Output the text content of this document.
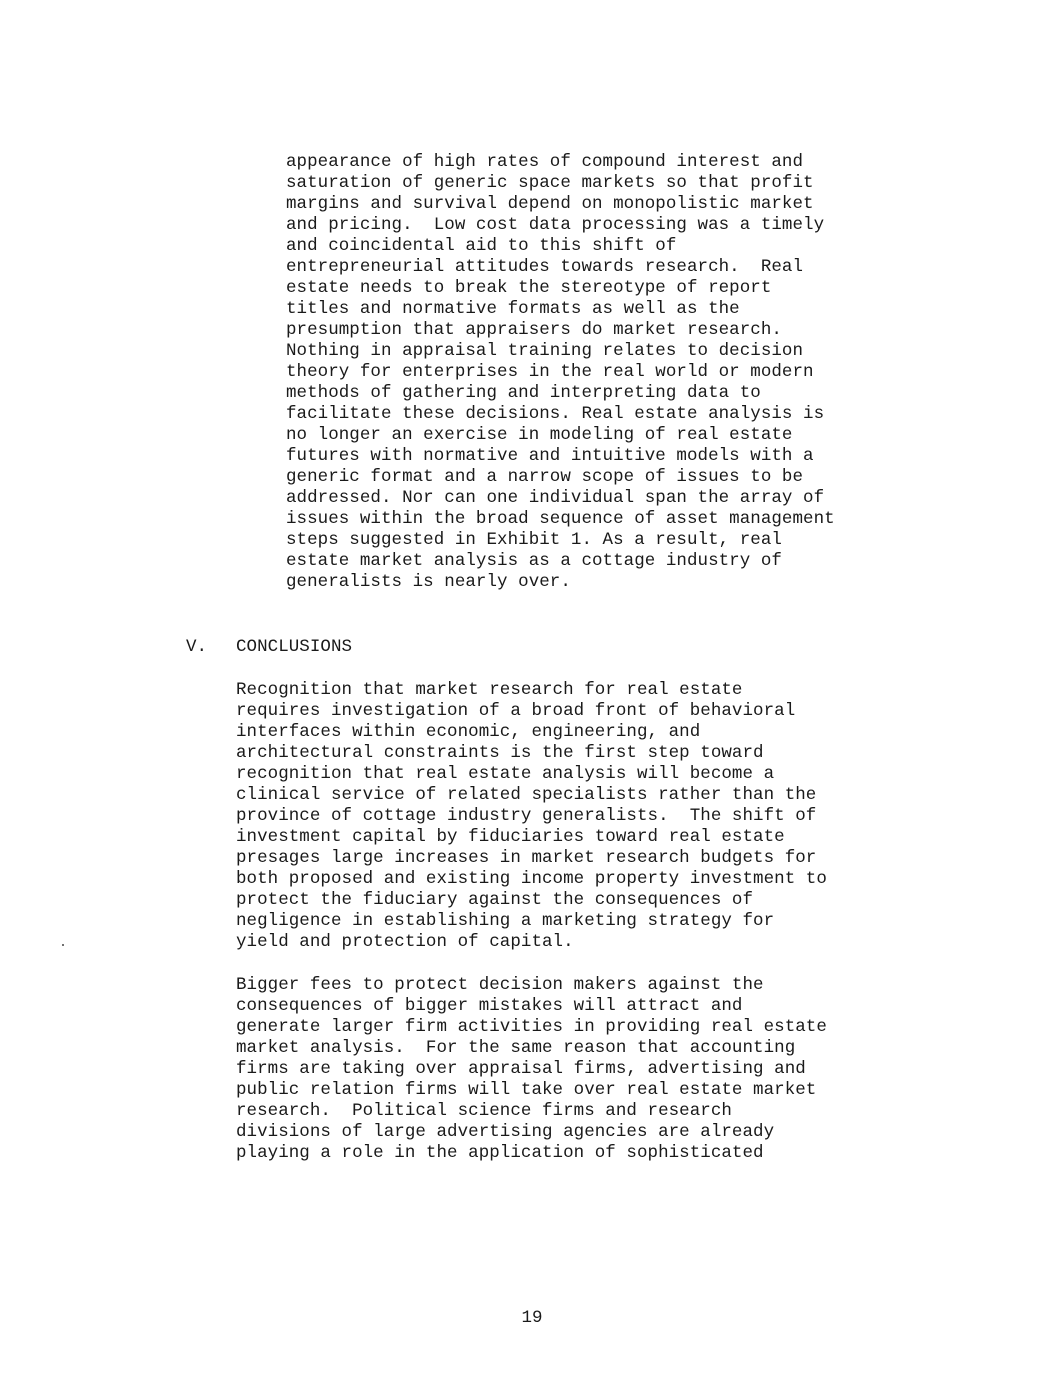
appearance of high rates of compound interest and
saturation of generic space markets so that profit
margins and survival depend on monopolistic market
and pricing.  Low cost data processing was a timely
and coincidental aid to this shift of
entrepreneurial attitudes towards research.  Real
estate needs to break the stereotype of report
titles and normative formats as well as the
presumption that appraisers do market research.
Nothing in appraisal training relates to decision
theory for enterprises in the real world or modern
methods of gathering and interpreting data to
facilitate these decisions. Real estate analysis is
no longer an exercise in modeling of real estate
futures with normative and intuitive models with a
generic format and a narrow scope of issues to be
addressed. Nor can one individual span the array of
issues within the broad sequence of asset management
steps suggested in Exhibit 1. As a result, real
estate market analysis as a cottage industry of
generalists is nearly over.

V. CONCLUSIONS

Recognition that market research for real estate
requires investigation of a broad front of behavioral
interfaces within economic, engineering, and
architectural constraints is the first step toward
recognition that real estate analysis will become a
clinical service of related specialists rather than the
province of cottage industry generalists.  The shift of
investment capital by fiduciaries toward real estate
presages large increases in market research budgets for
both proposed and existing income property investment to
protect the fiduciary against the consequences of
negligence in establishing a marketing strategy for
yield and protection of capital.

Bigger fees to protect decision makers against the
consequences of bigger mistakes will attract and
generate larger firm activities in providing real estate
market analysis.  For the same reason that accounting
firms are taking over appraisal firms, advertising and
public relation firms will take over real estate market
research.  Political science firms and research
divisions of large advertising agencies are already
playing a role in the application of sophisticated

19
